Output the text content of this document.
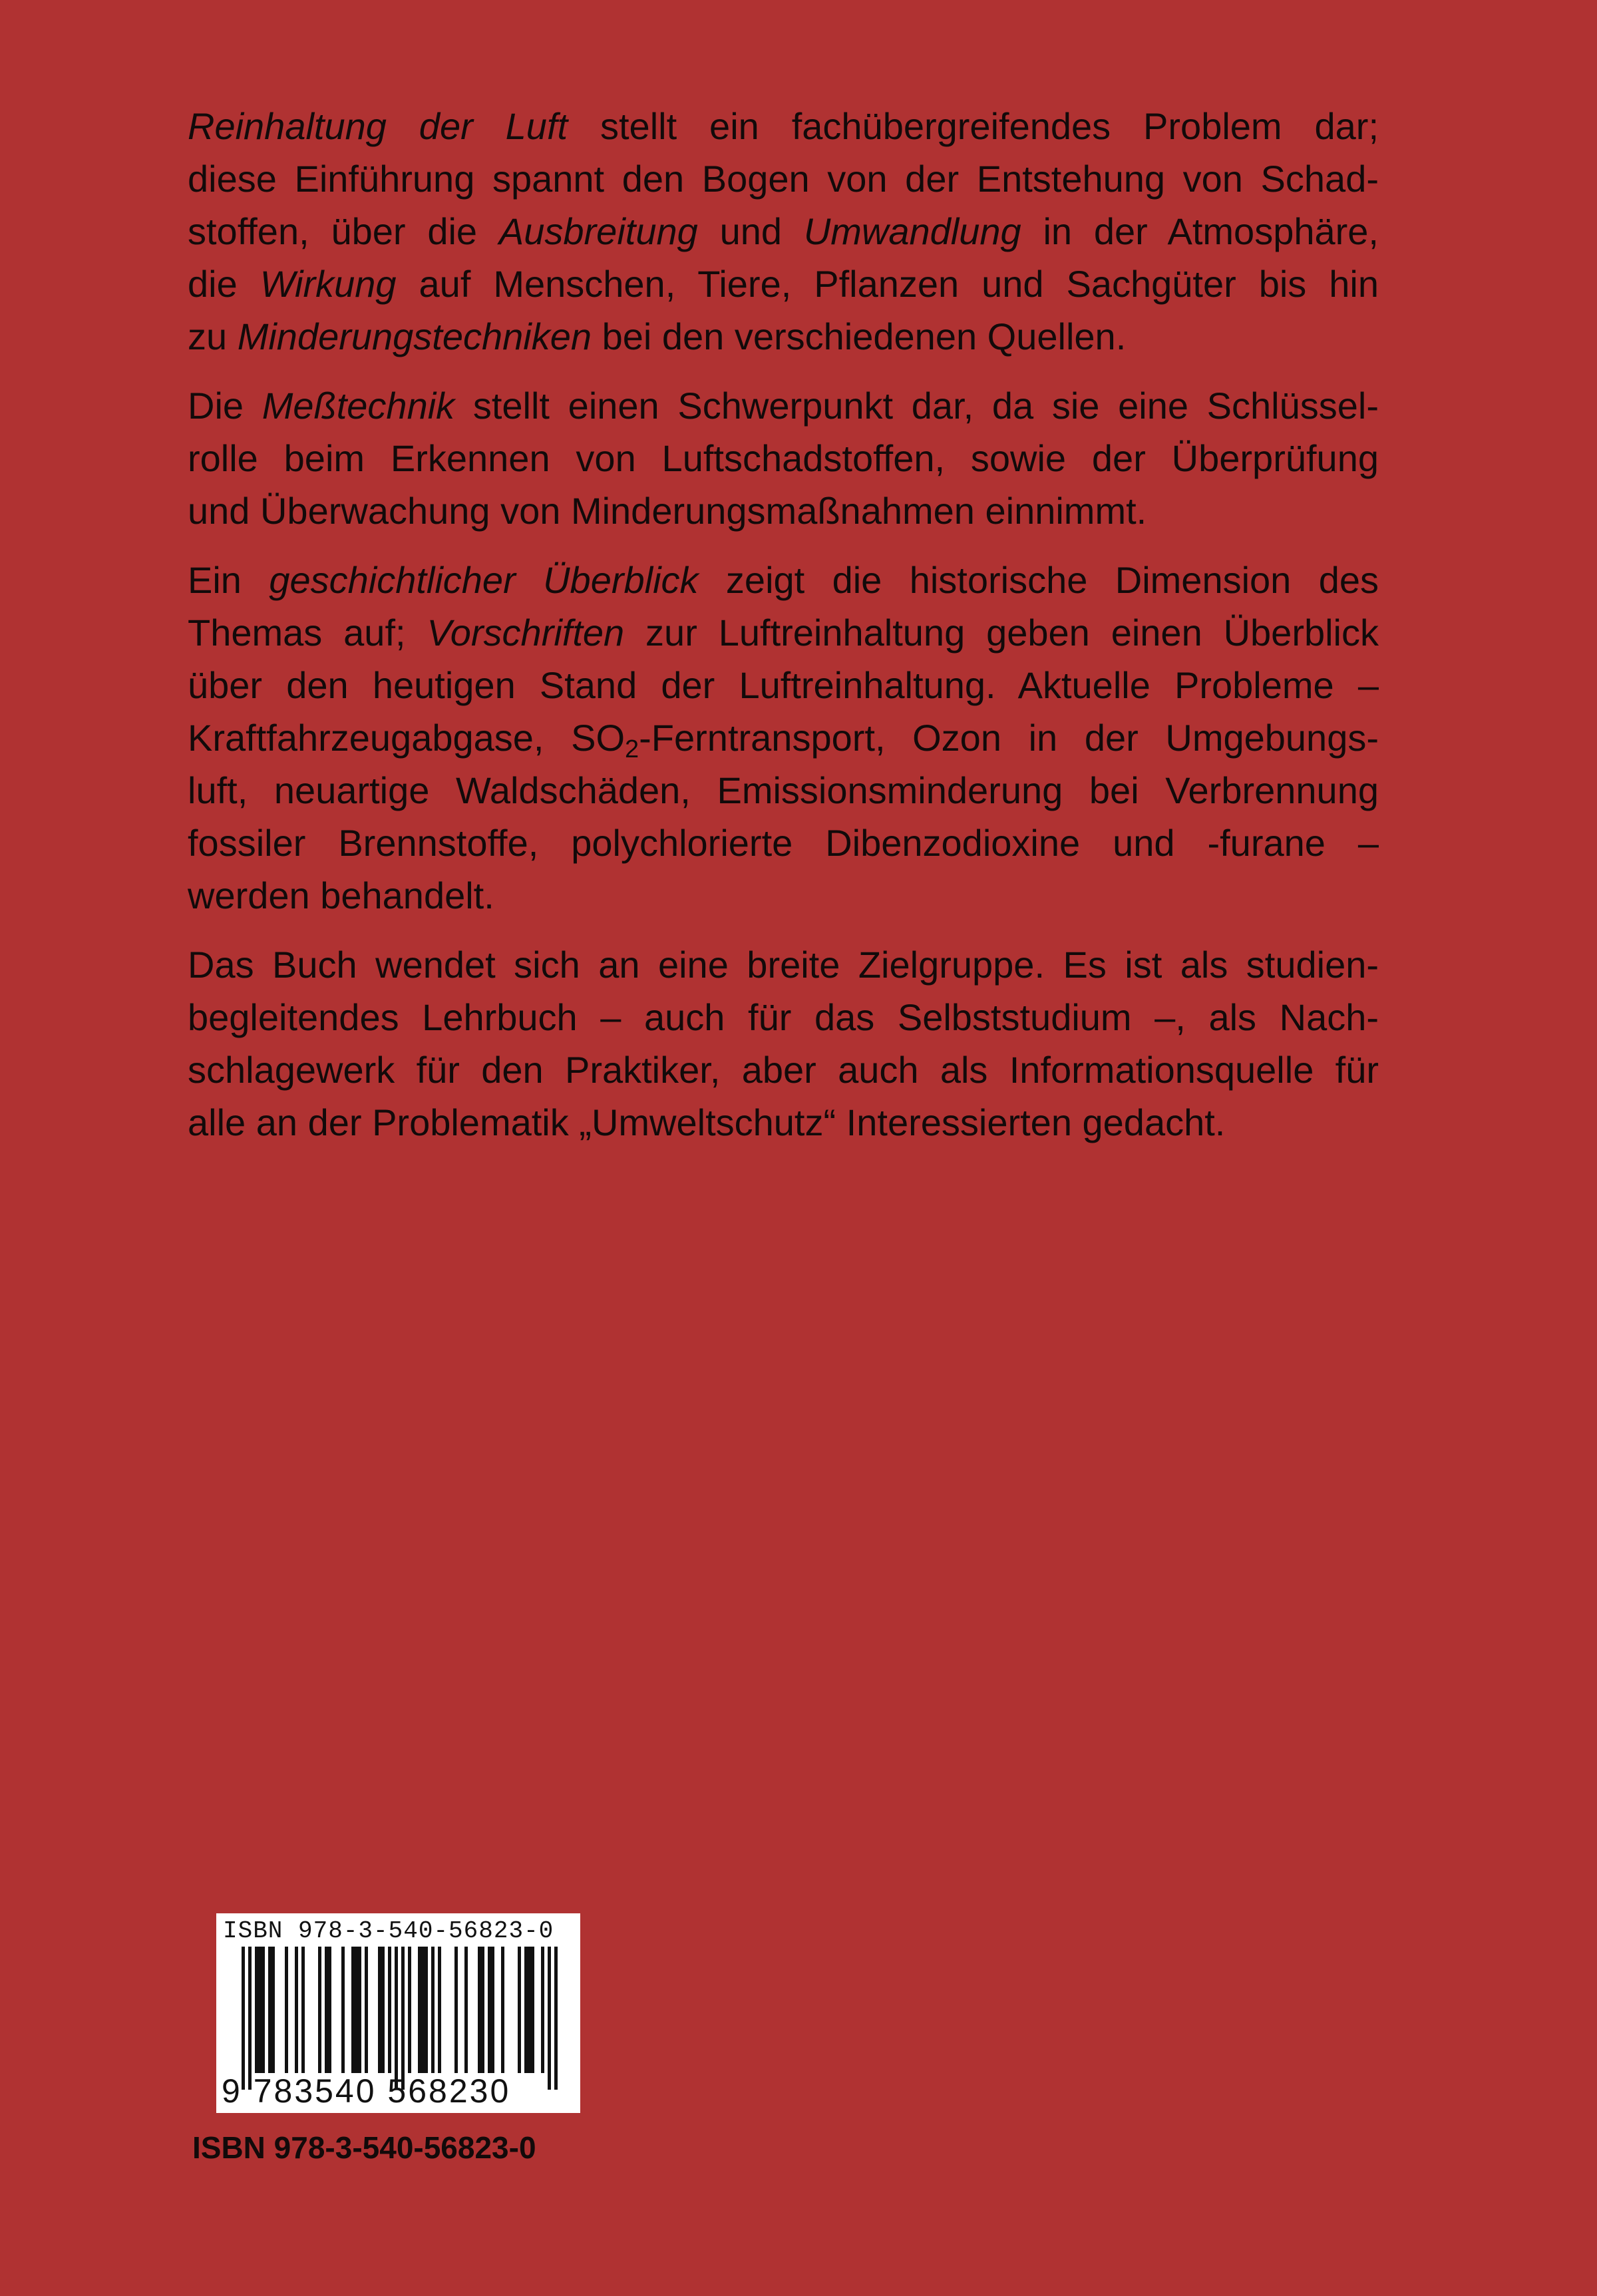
Reinhaltung der Luft stellt ein fachübergreifendes Problem dar;
diese Einführung spannt den Bogen von der Entstehung von Schad-
stoffen, über die Ausbreitung und Umwandlung in der Atmosphäre,
die Wirkung auf Menschen, Tiere, Pflanzen und Sachgüter bis hin
zu Minderungstechniken bei den verschiedenen Quellen.
Die Meßtechnik stellt einen Schwerpunkt dar, da sie eine Schlüssel-
rolle beim Erkennen von Luftschadstoffen, sowie der Überprüfung
und Überwachung von Minderungsmaßnahmen einnimmt.
Ein geschichtlicher Überblick zeigt die historische Dimension des
Themas auf; Vorschriften zur Luftreinhaltung geben einen Überblick
über den heutigen Stand der Luftreinhaltung. Aktuelle Probleme –
Kraftfahrzeugabgase, $SO_2$-Ferntransport, Ozon in der Umgebungs-
luft, neuartige Waldschäden, Emissionsminderung bei Verbrennung
fossiler Brennstoffe, polychlorierte Dibenzodioxine und -furane –
werden behandelt.
Das Buch wendet sich an eine breite Zielgruppe. Es ist als studien-
begleitendes Lehrbuch – auch für das Selbststudium –, als Nach-
schlagewerk für den Praktiker, aber auch als Informationsquelle für
alle an der Problematik „Umweltschutz“ Interessierten gedacht.
ISBN 978-3-540-56823-0
9 783540 568230
ISBN 978-3-540-56823-0
